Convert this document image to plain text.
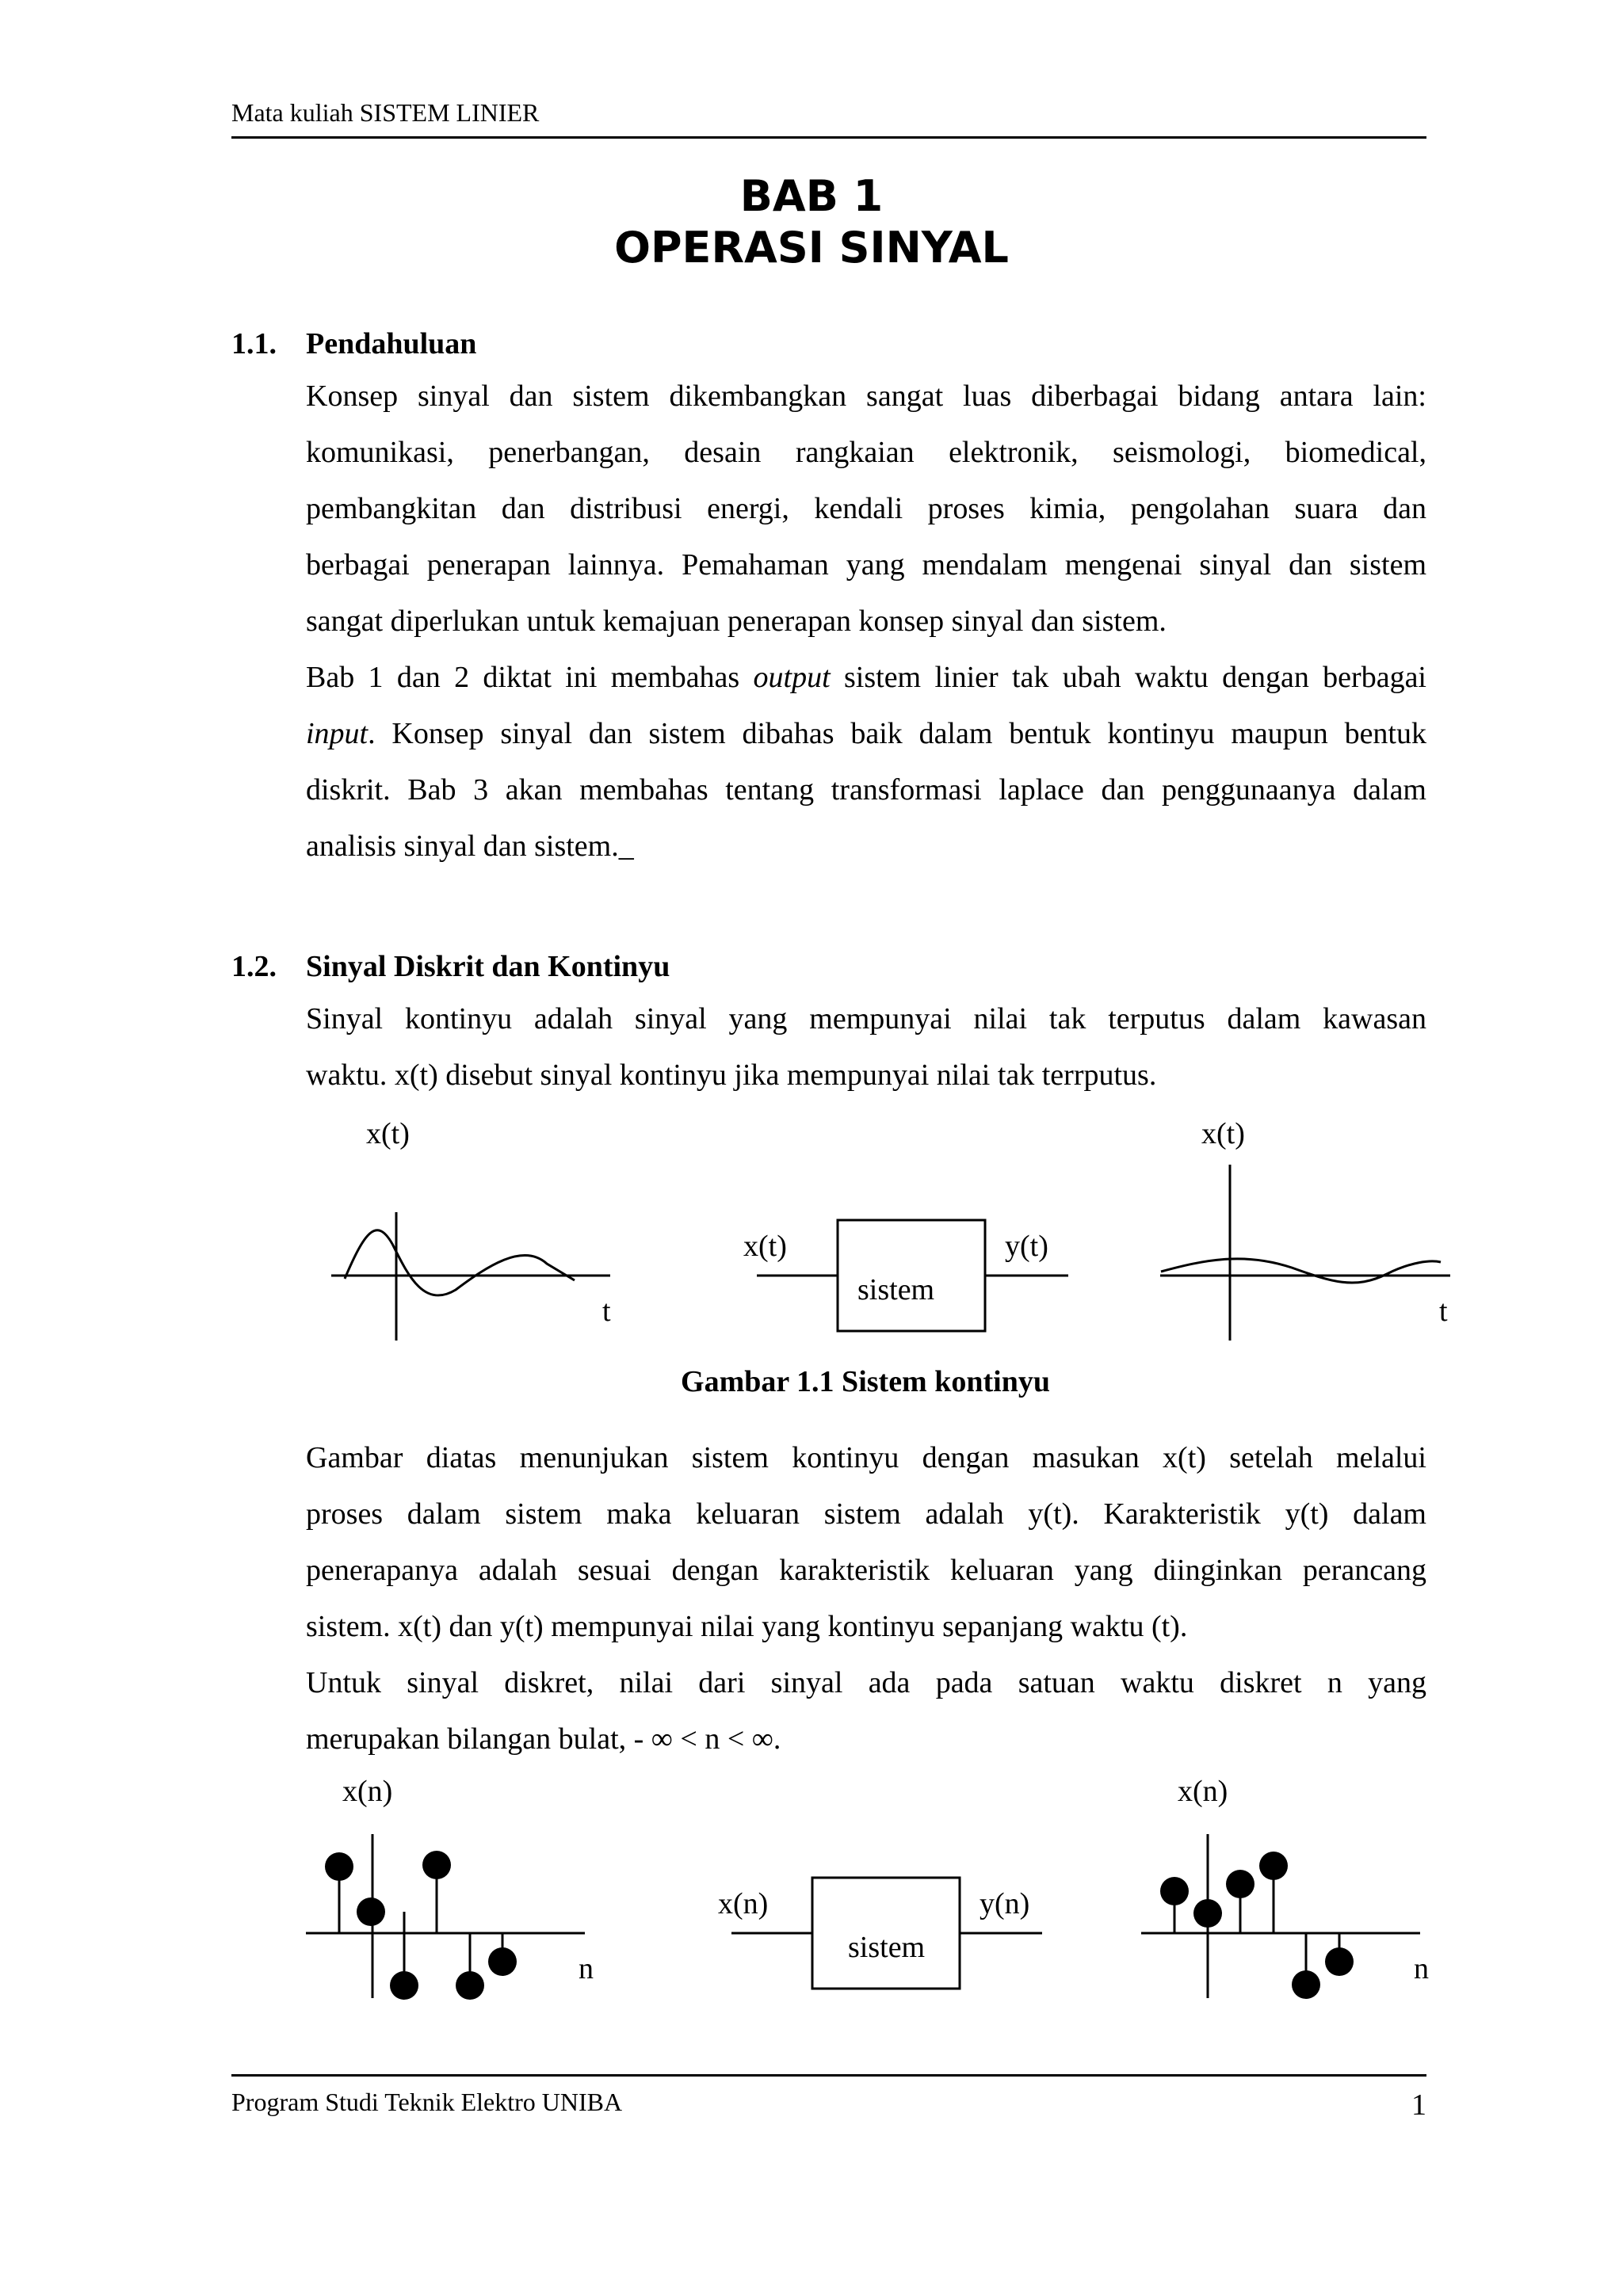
Mata kuliah SISTEM LINIER
BAB 1
OPERASI SINYAL
1.1. Pendahuluan
Konsep sinyal dan sistem dikembangkan sangat luas diberbagai bidang antara lain:
komunikasi, penerbangan, desain rangkaian elektronik, seismologi, biomedical,
pembangkitan dan distribusi energi, kendali proses kimia, pengolahan suara dan
berbagai penerapan lainnya. Pemahaman yang mendalam mengenai sinyal dan sistem
sangat diperlukan untuk kemajuan penerapan konsep sinyal dan sistem.
Bab 1 dan 2 diktat ini membahas output sistem linier tak ubah waktu dengan berbagai
input. Konsep sinyal dan sistem dibahas baik dalam bentuk kontinyu maupun bentuk
diskrit. Bab 3 akan membahas tentang transformasi laplace dan penggunaanya dalam
analisis sinyal dan sistem._
1.2. Sinyal Diskrit dan Kontinyu
Sinyal kontinyu adalah sinyal yang mempunyai nilai tak terputus dalam kawasan
waktu. x(t) disebut sinyal kontinyu jika mempunyai nilai tak terrputus.
x(t)
t
x(t)	y(t)
sistem
x(t)
t
x(n)
n
x(n)	y(n)
sistem
x(n)
n
Gambar 1.1 Sistem kontinyu
Gambar diatas menunjukan sistem kontinyu dengan masukan x(t) setelah melalui
proses dalam sistem maka keluaran sistem adalah y(t). Karakteristik y(t) dalam
penerapanya adalah sesuai dengan karakteristik keluaran yang diinginkan perancang
sistem. x(t) dan y(t) mempunyai nilai yang kontinyu sepanjang waktu (t).
Untuk sinyal diskret, nilai dari sinyal ada pada satuan waktu diskret n yang
merupakan bilangan bulat, - ∞ < n < ∞.
Program Studi Teknik Elektro UNIBA	1
